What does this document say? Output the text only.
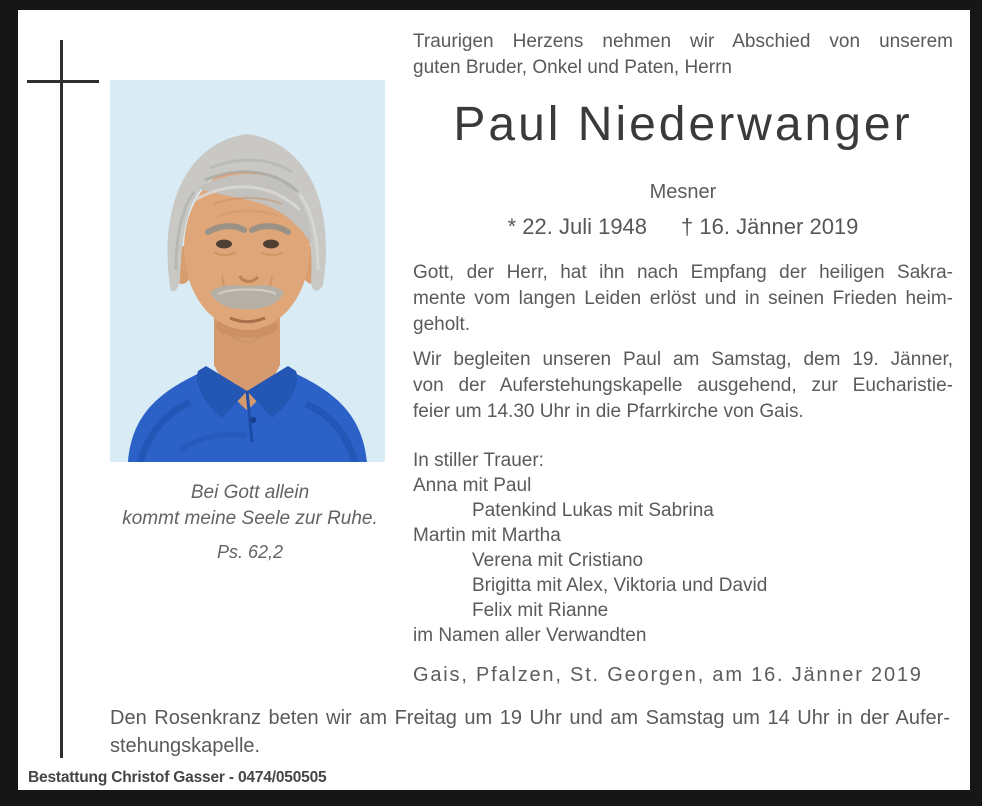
Bei Gott allein
kommt meine Seele zur Ruhe.
Ps. 62,2
Traurigen Herzens nehmen wir Abschied von unserem
guten Bruder, Onkel und Paten, Herrn
Paul Niederwanger
Mesner
* 22. Juli 1948 † 16. Jänner 2019
Gott, der Herr, hat ihn nach Empfang der heiligen Sakra-
mente vom langen Leiden erlöst und in seinen Frieden heim-
geholt.
Wir begleiten unseren Paul am Samstag, dem 19. Jänner,
von der Auferstehungskapelle ausgehend, zur Eucharistie-
feier um 14.30 Uhr in die Pfarrkirche von Gais.
In stiller Trauer:
Anna mit Paul
Patenkind Lukas mit Sabrina
Martin mit Martha
Verena mit Cristiano
Brigitta mit Alex, Viktoria und David
Felix mit Rianne
im Namen aller Verwandten
Gais, Pfalzen, St. Georgen, am 16. Jänner 2019
Den Rosenkranz beten wir am Freitag um 19 Uhr und am Samstag um 14 Uhr in der Aufer-
stehungskapelle.
Bestattung Christof Gasser - 0474/050505
